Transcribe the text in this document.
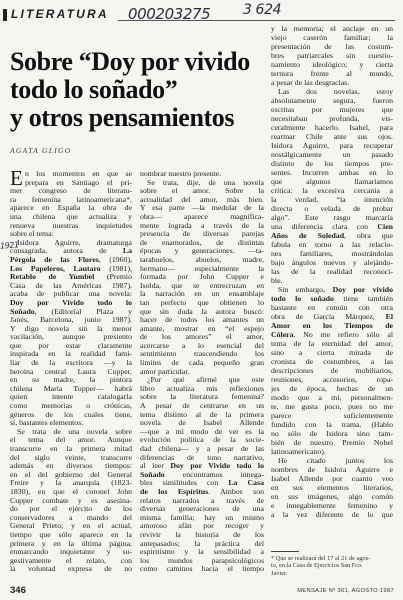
LITERATURA 000203275 3 624
1921
Sobre “Doy por vivido
todo lo soñado”
y otros pensamientos
AGATA GLIGO
E n los momentos en que se
prepara en Santiago el pri-
mer congreso de literatu-
ra femenina latinoamericana*,
aparece en España la obra de
una chilena que actualiza y
renueva nuestras inquietudes
sobre el tema:
Isidora Aguirre, dramaturga
consagrada, autora de La
Pérgola de las Flores, (1960),
Los Papeleros, Lautaro (1981),
Retablo de Yumbel (Premio
Casa de las Américas 1987),
acaba de publicar una novela:
Doy por Vivido todo lo
Soñado, (Editorial Plaza y
Janés, Barcelona, junio 1987).
Y digo novela sin la menor
vacilación, aunque presiento
que por estar claramente
inspirada en la realidad fami-
liar de la escritora —y la
heroína central Laura Cupper,
en su madre, la pintora
chilena María Tupper— habrá
quien intente catalogarla
como memorias o crónicas,
géneros de los cuales tiene,
sí, bastantes elementos.
Se trata de una novela sobre
el tema del amor. Aunque
transcurre en la primera mitad
del siglo veinte, transcurre
además en diversos tiempos:
en el del gobierno del General
Freire y la anarquía (1823-
1830), en que el coronel John
Cupper combate y es asesina-
do por el ejército de los
conservadores a mando del
General Prieto; y en el actual,
tiempo que sólo aparece en la
primera y en la última página,
enmarcando inquietante y su-
gestivamente el relato, con
la voluntad expresa de no
nombrar nuestro presente.
Se trata, dije, de una novela
sobre el amor. Sobre la
actualidad del amor, más bien.
Y esa parte —la medular de la
obra— aparece magnífica-
mente lograda a través de la
presencia de diversas parejas
de enamorados, de distintas
épocas y generaciones. —ta-
tarabuelos, abuelos, madre,
hermano— especialmente la
formada por John Cupper e
Isolda, que se entrecruzan en
la narración en un ensamblaje
tan perfecto que obtienen lo
que sin duda la autora buscó:
hacer de todos los amantes un
amante, mostrar en “el espejo
de los amores” el amor,
acercarse a lo esencial del
sentimiento trascendiendo los
límites de cada pequeño gran
amor particular.
¿Por qué afirmé que este
libro actualiza mis reflexiones
sobre la literatura femenina?
A pesar de centrarse en un
tema distinto al de la primera
novela de Isabel Allende
—que a mi modo de ver es la
evolución política de la socie-
dad chilena— y a pesar de las
diferencias de tono narrativo,
al leer Doy por Vivido todo lo
Soñado encontramos innega-
bles similitudes con La Casa
de los Espíritus. Ambos son
relatos narrados a través de
diversas generaciones de una
misma familia; hay un mismo
amoroso afán por recoger y
revivir la historia de los
antepasados; la práctica del
espiritismo y la sensibilidad a
los mundos parapsicológicos
como caminos hacia el tiempo
y la memoria; el anclaje en un
viejo caserón familiar; la
presentación de las costum-
bres patriarcales sin cuestio-
namiento ideológico; y cierta
ternura frente al mundo,
a pesar de las desgracias.
Las dos novelas, estoy
absolutamente segura, fueron
escritas por mujeres que
necesitaban profunda, vis-
ceralmente hacerlo. Isabel, para
rearmar Chile ante sus ojos.
Isidora Aguirre, para recuperar
nostálgicamente un pasado
distinto de los tiempos pre-
sentes. Incurren ambas en lo
que algunos llamaríamos
crítica: la excesiva cercanía a
la verdad, “la intención
directa o velada de probar
algo”. Este rasgo marcaría
una diferencia clara con Cien
Años de Soledad, obra que
fabula en torno a las relacio-
nes familiares, mostrándolas
bajo ángulos nuevos y alejándo-
las de la realidad reconoci-
ble.
Sin embargo, Doy por vivido
todo lo soñado tiene también
bastante en común con otra
obra de García Márquez, El
Amor en los Tiempos de
Cólera. No me refiero sólo al
tema de la eternidad del amor,
sino a cierta mirada de
cronista de costumbres, a las
descripciones de mobiliarios,
reuniones, accesorios, ropa-
jes de época, hechas de un
modo que a mí, personalmen-
te, me gusta poco, pues no me
parece suficientemente
fundido con la trama. (Hablo
no sólo de Isidora sino tam-
bién de nuestro Premio Nobel
latinoamericano).
He citado juntos los
nombres de Isidora Aguirre e
Isabel Allende por cuanto veo
en sus elementos literarios,
en sus imágenes, algo común
e innegablemente femenino y
a la vez diferente de lo que
* Que se realizará del 17 al 21 de agos-
to, en la Casa de Ejercicios San Fco.
Javier.
346	MENSAJE Nº 361, AGOSTO 1987
